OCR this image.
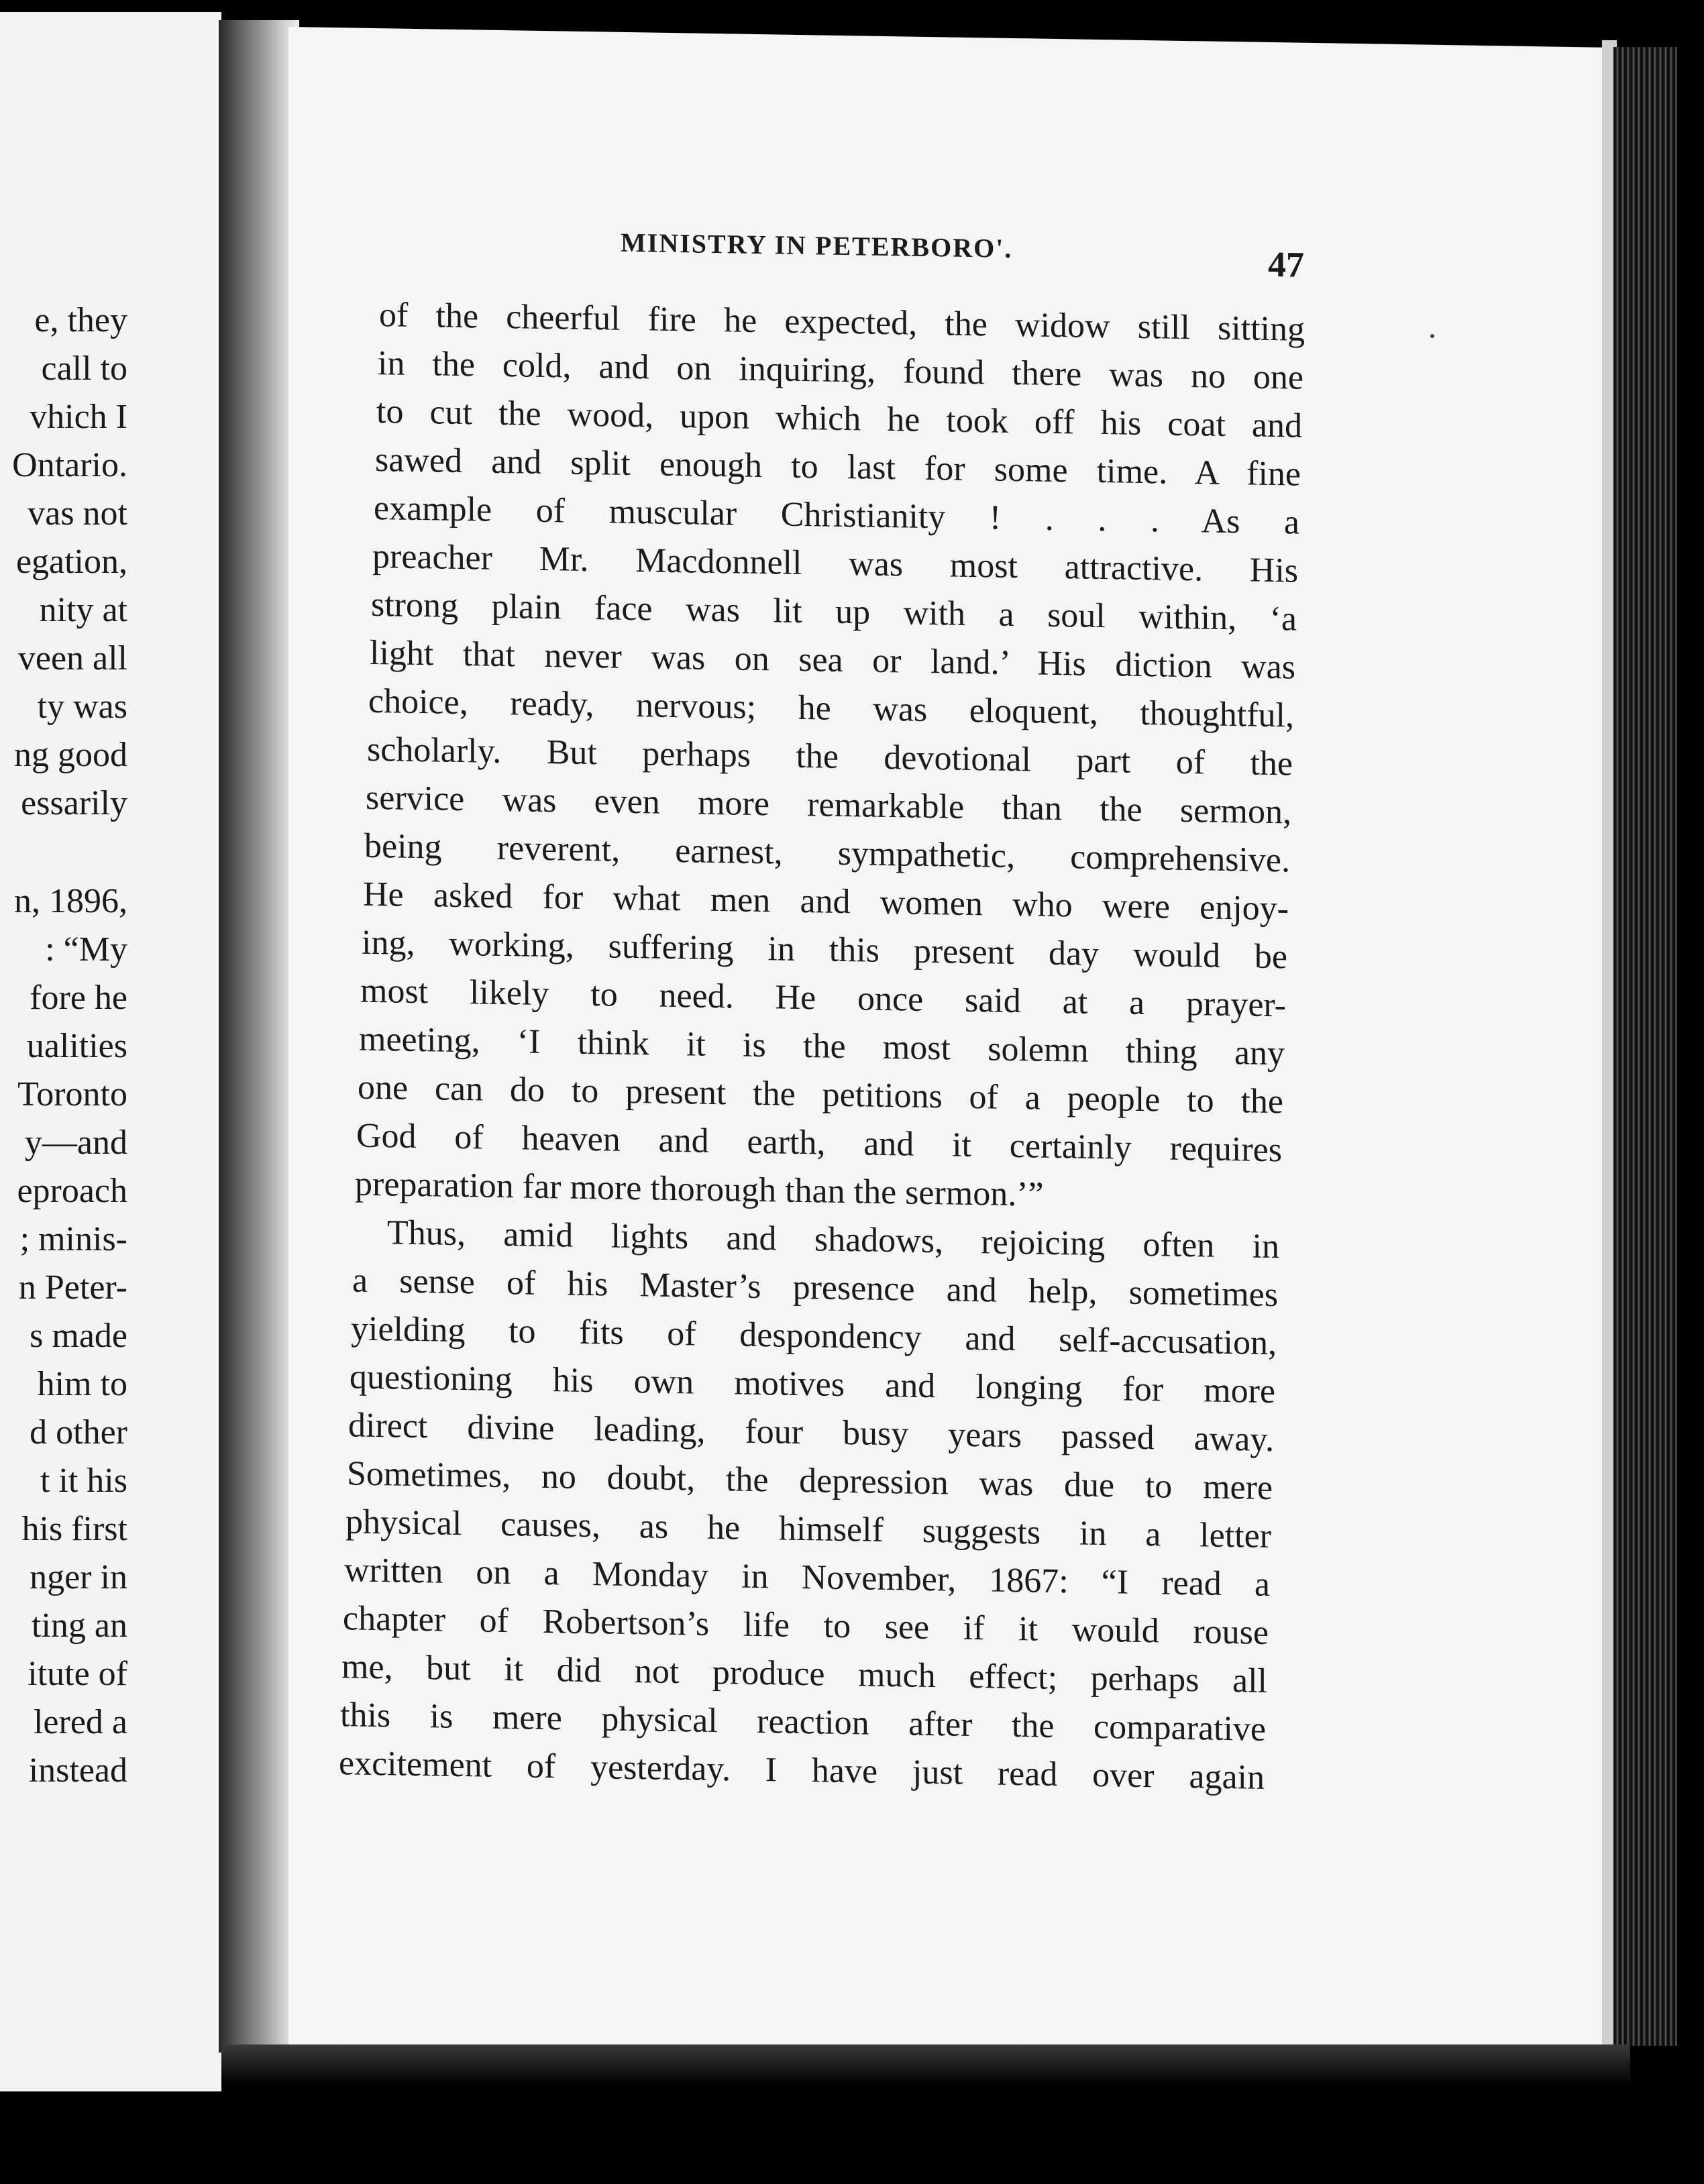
e, they
call to
vhich I
Ontario.
vas not
egation,
nity at
veen all
ty was
ng good
essarily
n, 1896,
: “My
fore he
ualities
Toronto
y—and
eproach
; minis-
n Peter-
s made
him to
d other
t it his
his first
nger in
ting an
itute of
lered a
instead
MINISTRY IN PETERBORO'.	47
of the cheerful fire he expected, the widow still sitting
in the cold, and on inquiring, found there was no one
to cut the wood, upon which he took off his coat and
sawed and split enough to last for some time. A fine
example of muscular Christianity ! . . . As a
preacher Mr. Macdonnell was most attractive. His
strong plain face was lit up with a soul within, ‘a
light that never was on sea or land.’ His diction was
choice, ready, nervous; he was eloquent, thoughtful,
scholarly. But perhaps the devotional part of the
service was even more remarkable than the sermon,
being reverent, earnest, sympathetic, comprehensive.
He asked for what men and women who were enjoy-
ing, working, suffering in this present day would be
most likely to need. He once said at a prayer-
meeting, ‘I think it is the most solemn thing any
one can do to present the petitions of a people to the
God of heaven and earth, and it certainly requires
preparation far more thorough than the sermon.’”
Thus, amid lights and shadows, rejoicing often in
a sense of his Master’s presence and help, sometimes
yielding to fits of despondency and self-accusation,
questioning his own motives and longing for more
direct divine leading, four busy years passed away.
Sometimes, no doubt, the depression was due to mere
physical causes, as he himself suggests in a letter
written on a Monday in November, 1867: “I read a
chapter of Robertson’s life to see if it would rouse
me, but it did not produce much effect; perhaps all
this is mere physical reaction after the comparative
excitement of yesterday. I have just read over again
